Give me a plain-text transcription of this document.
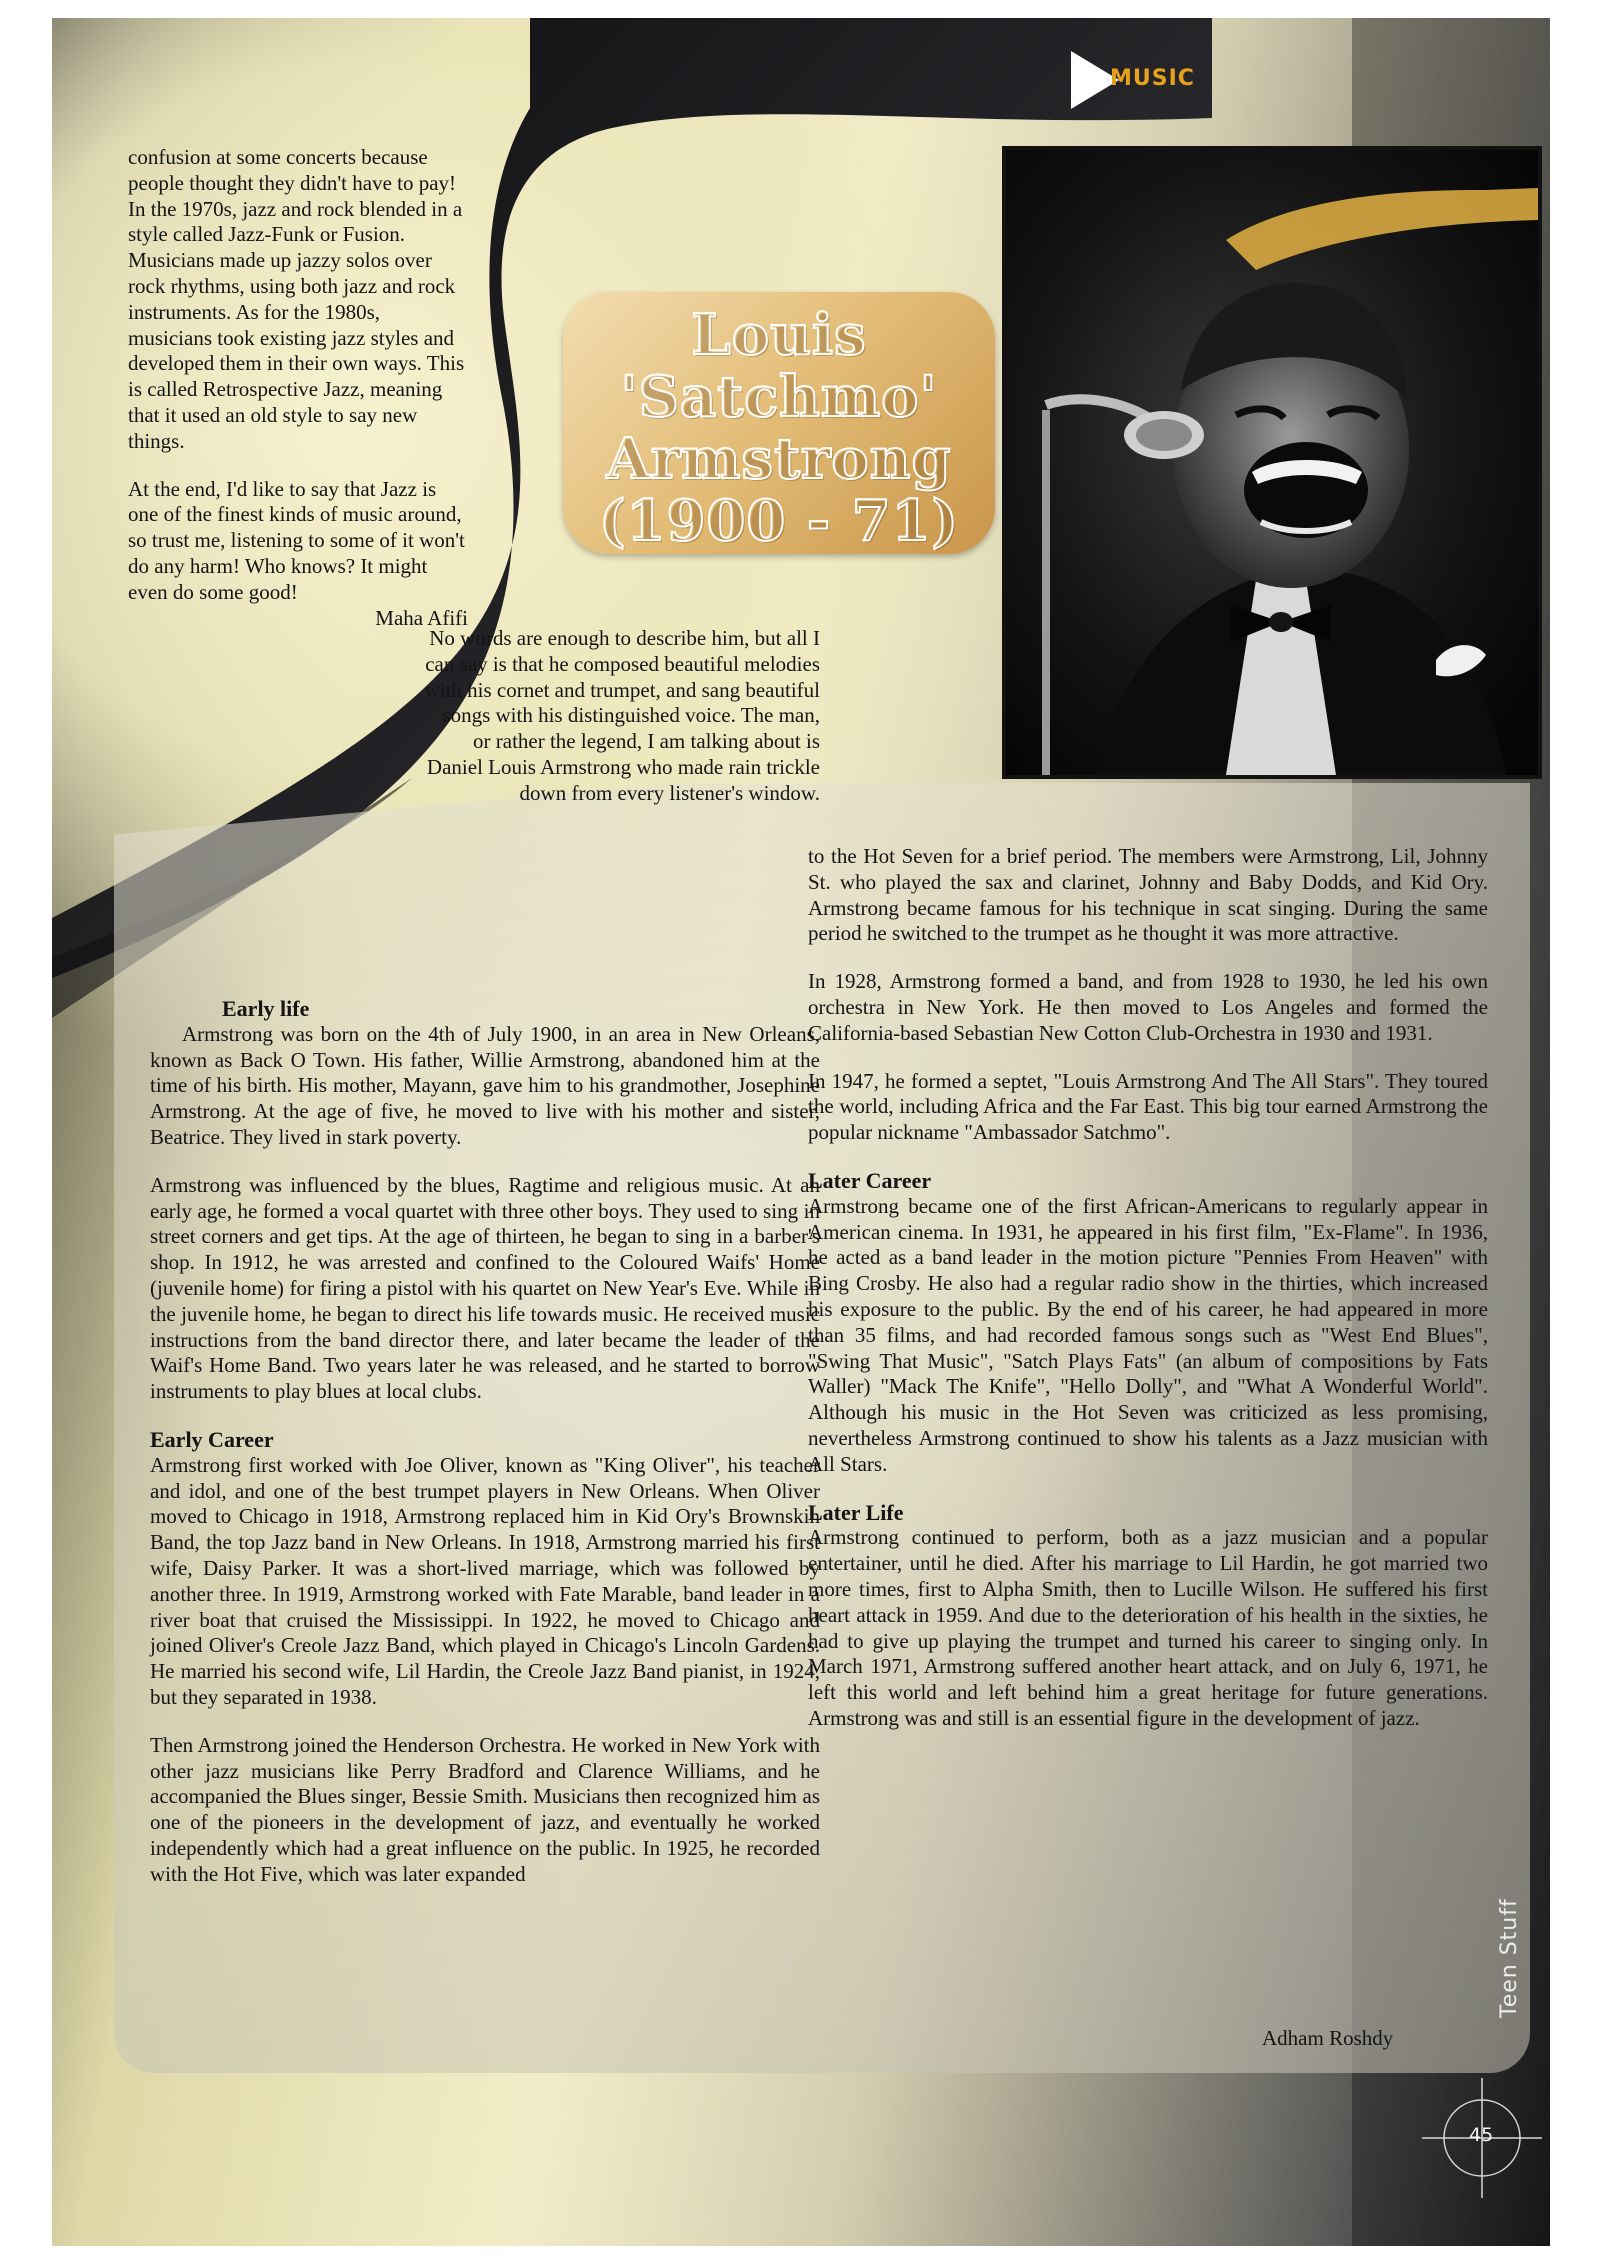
MUSIC
Louis
'Satchmo'
Armstrong
(1900 - 71)

confusion at some concerts because people thought they didn't have to pay! In the 1970s, jazz and rock blended in a style called Jazz-Funk or Fusion. Musicians made up jazzy solos over rock rhythms, using both jazz and rock instruments. As for the 1980s, musicians took existing jazz styles and developed them in their own ways. This is called Retrospective Jazz, meaning that it used an old style to say new things.

At the end, I'd like to say that Jazz is one of the finest kinds of music around, so trust me, listening to some of it won't do any harm! Who knows? It might even do some good!

Maha Afifi

No words are enough to describe him, but all I can say is that he composed beautiful melodies with his cornet and trumpet, and sang beautiful songs with his distinguished voice. The man, or rather the legend, I am talking about is Daniel Louis Armstrong who made rain trickle down from every listener's window.

Early life

Armstrong was born on the 4th of July 1900, in an area in New Orleans, known as Back O Town. His father, Willie Armstrong, abandoned him at the time of his birth. His mother, Mayann, gave him to his grandmother, Josephine Armstrong. At the age of five, he moved to live with his mother and sister, Beatrice. They lived in stark poverty.

Armstrong was influenced by the blues, Ragtime and religious music. At an early age, he formed a vocal quartet with three other boys. They used to sing in street corners and get tips. At the age of thirteen, he began to sing in a barber's shop. In 1912, he was arrested and confined to the Coloured Waifs' Home (juvenile home) for firing a pistol with his quartet on New Year's Eve. While in the juvenile home, he began to direct his life towards music. He received music instructions from the band director there, and later became the leader of the Waif's Home Band. Two years later he was released, and he started to borrow instruments to play blues at local clubs.

Early Career

Armstrong first worked with Joe Oliver, known as "King Oliver", his teacher and idol, and one of the best trumpet players in New Orleans. When Oliver moved to Chicago in 1918, Armstrong replaced him in Kid Ory's Brownskin Band, the top Jazz band in New Orleans. In 1918, Armstrong married his first wife, Daisy Parker. It was a short-lived marriage, which was followed by another three. In 1919, Armstrong worked with Fate Marable, band leader in a river boat that cruised the Mississippi. In 1922, he moved to Chicago and joined Oliver's Creole Jazz Band, which played in Chicago's Lincoln Gardens. He married his second wife, Lil Hardin, the Creole Jazz Band pianist, in 1924, but they separated in 1938.

Then Armstrong joined the Henderson Orchestra. He worked in New York with other jazz musicians like Perry Bradford and Clarence Williams, and he accompanied the Blues singer, Bessie Smith. Musicians then recognized him as one of the pioneers in the development of jazz, and eventually he worked independently which had a great influence on the public. In 1925, he recorded with the Hot Five, which was later expanded

to the Hot Seven for a brief period. The members were Armstrong, Lil, Johnny St. who played the sax and clarinet, Johnny and Baby Dodds, and Kid Ory. Armstrong became famous for his technique in scat singing. During the same period he switched to the trumpet as he thought it was more attractive.

In 1928, Armstrong formed a band, and from 1928 to 1930, he led his own orchestra in New York. He then moved to Los Angeles and formed the California-based Sebastian New Cotton Club-Orchestra in 1930 and 1931.

In 1947, he formed a septet, "Louis Armstrong And The All Stars". They toured the world, including Africa and the Far East. This big tour earned Armstrong the popular nickname "Ambassador Satchmo".

Later Career

Armstrong became one of the first African-Americans to regularly appear in American cinema. In 1931, he appeared in his first film, "Ex-Flame". In 1936, he acted as a band leader in the motion picture "Pennies From Heaven" with Bing Crosby. He also had a regular radio show in the thirties, which increased his exposure to the public. By the end of his career, he had appeared in more than 35 films, and had recorded famous songs such as "West End Blues", "Swing That Music", "Satch Plays Fats" (an album of compositions by Fats Waller) "Mack The Knife", "Hello Dolly", and "What A Wonderful World". Although his music in the Hot Seven was criticized as less promising, nevertheless Armstrong continued to show his talents as a Jazz musician with All Stars.

Later Life

Armstrong continued to perform, both as a jazz musician and a popular entertainer, until he died. After his marriage to Lil Hardin, he got married two more times, first to Alpha Smith, then to Lucille Wilson. He suffered his first heart attack in 1959. And due to the deterioration of his health in the sixties, he had to give up playing the trumpet and turned his career to singing only. In March 1971, Armstrong suffered another heart attack, and on July 6, 1971, he left this world and left behind him a great heritage for future generations. Armstrong was and still is an essential figure in the development of jazz.

Adham Roshdy
Teen Stuff
45
